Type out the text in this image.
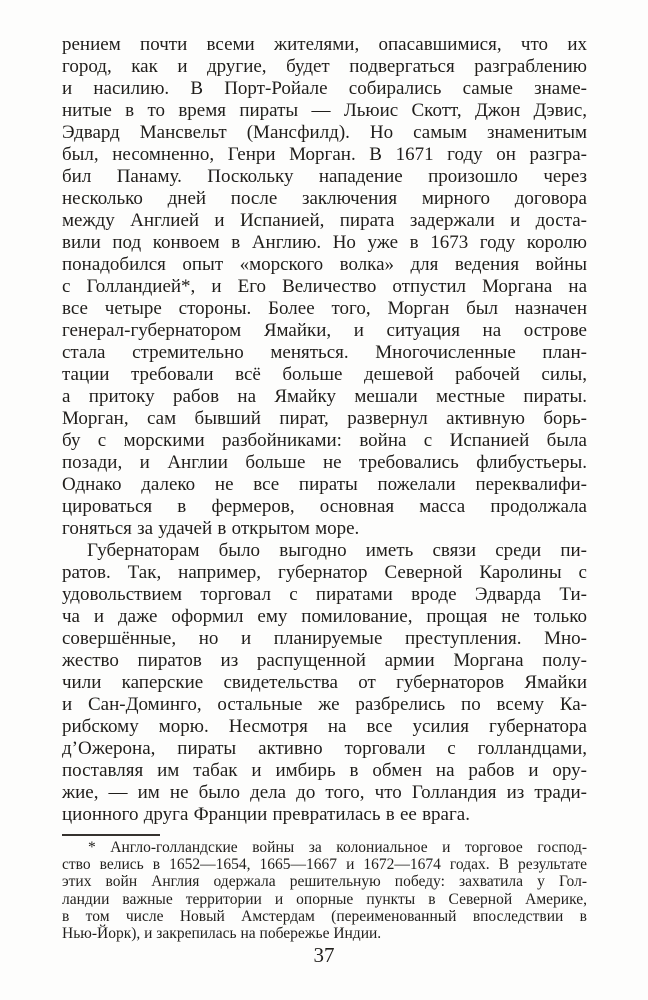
рением почти всеми жителями, опасавшимися, что их
город, как и другие, будет подвергаться разграблению
и насилию. В Порт-Ройале собирались самые знаме-
нитые в то время пираты — Льюис Скотт, Джон Дэвис,
Эдвард Мансвельт (Мансфилд). Но самым знаменитым
был, несомненно, Генри Морган. В 1671 году он разгра-
бил Панаму. Поскольку нападение произошло через
несколько дней после заключения мирного договора
между Англией и Испанией, пирата задержали и доста-
вили под конвоем в Англию. Но уже в 1673 году королю
понадобился опыт «морского волка» для ведения войны
с Голландией*, и Его Величество отпустил Моргана на
все четыре стороны. Более того, Морган был назначен
генерал-губернатором Ямайки, и ситуация на острове
стала стремительно меняться. Многочисленные план-
тации требовали всё больше дешевой рабочей силы,
а притоку рабов на Ямайку мешали местные пираты.
Морган, сам бывший пират, развернул активную борь-
бу с морскими разбойниками: война с Испанией была
позади, и Англии больше не требовались флибустьеры.
Однако далеко не все пираты пожелали переквалифи-
цироваться в фермеров, основная масса продолжала
гоняться за удачей в открытом море.
Губернаторам было выгодно иметь связи среди пи-
ратов. Так, например, губернатор Северной Каролины с
удовольствием торговал с пиратами вроде Эдварда Ти-
ча и даже оформил ему помилование, прощая не только
совершённые, но и планируемые преступления. Мно-
жество пиратов из распущенной армии Моргана полу-
чили каперские свидетельства от губернаторов Ямайки
и Сан-Доминго, остальные же разбрелись по всему Ка-
рибскому морю. Несмотря на все усилия губернатора
д’Ожерона, пираты активно торговали с голландцами,
поставляя им табак и имбирь в обмен на рабов и ору-
жие, — им не было дела до того, что Голландия из тради-
ционного друга Франции превратилась в ее врага.
* Англо-голландские войны за колониальное и торговое господ-
ство велись в 1652—1654, 1665—1667 и 1672—1674 годах. В результате
этих войн Англия одержала решительную победу: захватила у Гол-
ландии важные территории и опорные пункты в Северной Америке,
в том числе Новый Амстердам (переименованный впоследствии в
Нью-Йорк), и закрепилась на побережье Индии.
37
